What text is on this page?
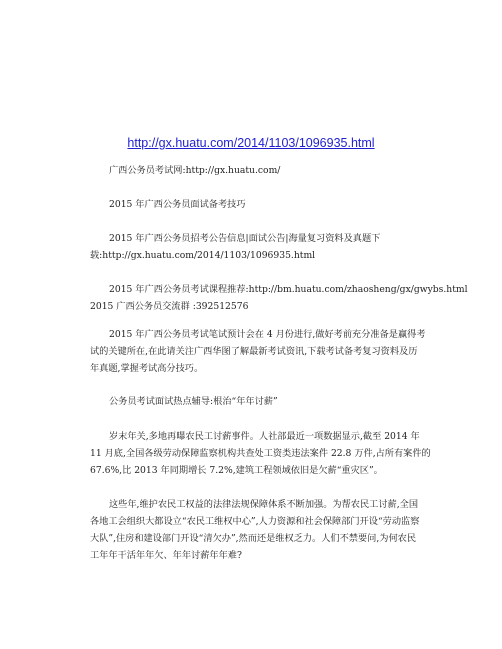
http://gx.huatu.com/2014/1103/1096935.html
广西公务员考试网:http://gx.huatu.com/
2015 年广西公务员面试备考技巧
2015 年广西公务员招考公告信息|面试公告|海量复习资料及真题下
载:http://gx.huatu.com/2014/1103/1096935.html
2015 年广西公务员考试课程推荐:http://bm.huatu.com/zhaosheng/gx/gwybs.html
2015 广西公务员交流群 :392512576
2015 年广西公务员考试笔试预计会在 4 月份进行,做好考前充分准备是赢得考
试的关键所在,在此请关注广西华图了解最新考试资讯,下载考试备考复习资料及历
年真题,掌握考试高分技巧。
公务员考试面试热点辅导:根治“年年讨薪”
岁末年关,多地再曝农民工讨薪事件。人社部最近一项数据显示,截至 2014 年
11 月底,全国各级劳动保障监察机构共查处工资类违法案件 22.8 万件,占所有案件的
67.6%,比 2013 年同期增长 7.2%,建筑工程领域依旧是欠薪“重灾区”。
这些年,维护农民工权益的法律法规保障体系不断加强。为帮农民工讨薪,全国
各地工会组织大都设立“农民工维权中心”,人力资源和社会保障部门开设“劳动监察
大队”,住房和建设部门开设“清欠办”,然而还是维权乏力。人们不禁要问,为何农民
工年年干活年年欠、年年讨薪年年难?
